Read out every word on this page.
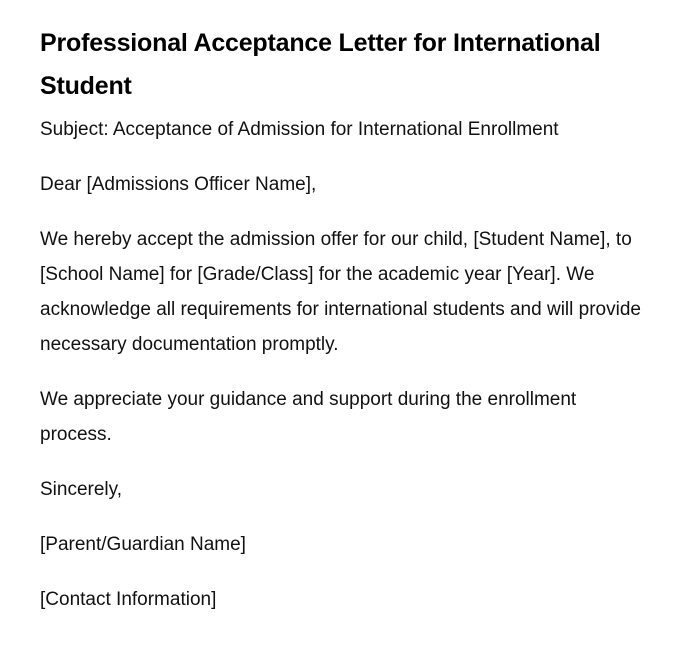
Professional Acceptance Letter for International Student

Subject: Acceptance of Admission for International Enrollment

Dear [Admissions Officer Name],

We hereby accept the admission offer for our child, [Student Name], to [School Name] for [Grade/Class] for the academic year [Year]. We acknowledge all requirements for international students and will provide necessary documentation promptly.

We appreciate your guidance and support during the enrollment process.

Sincerely,

[Parent/Guardian Name]

[Contact Information]
